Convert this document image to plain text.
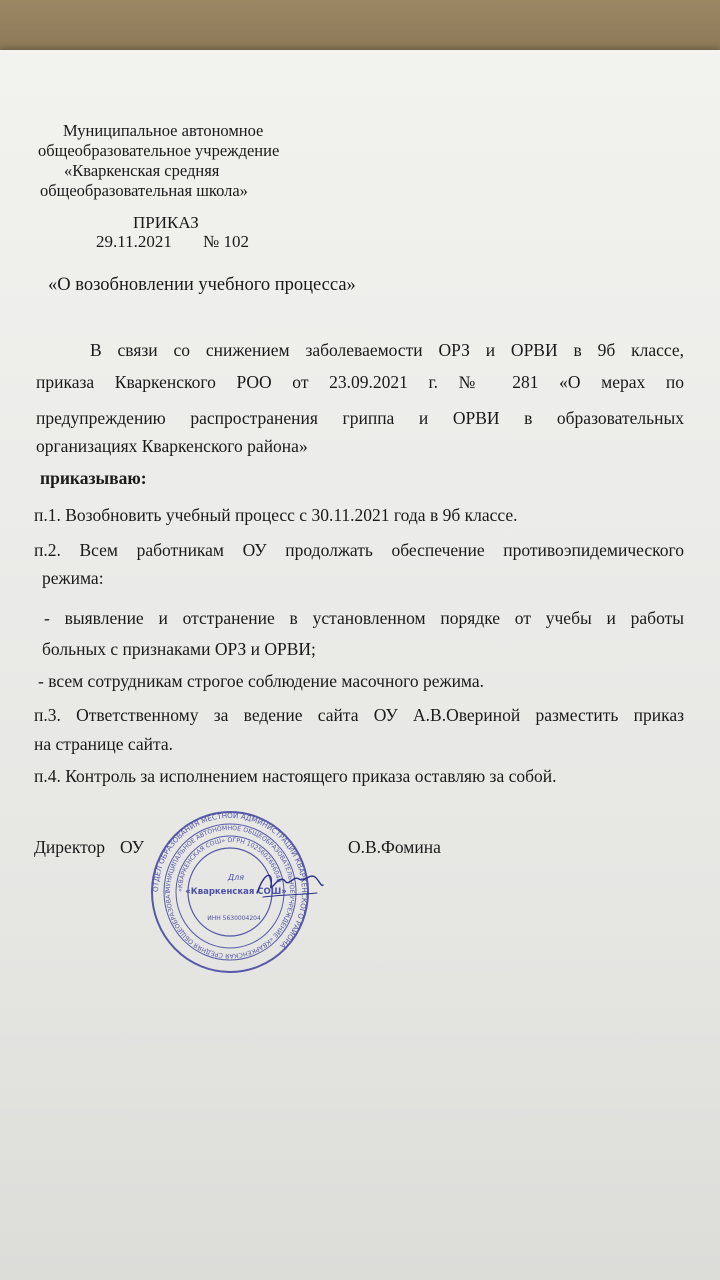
Муниципальное автономное
общеобразовательное учреждение
«Кваркенская средняя
общеобразовательная школа»
ПРИКАЗ
29.11.2021 № 102
«О возобновлении учебного процесса»
В связи со снижением заболеваемости ОРЗ и ОРВИ в 9б классе,
приказа Кваркенского РОО от 23.09.2021 г. № 281 «О мерах по
предупреждению распространения гриппа и ОРВИ в образовательных
организациях Кваркенского района»
приказываю:
п.1. Возобновить учебный процесс с 30.11.2021 года в 9б классе.
п.2. Всем работникам ОУ продолжать обеспечение противоэпидемического
режима:
- выявление и отстранение в установленном порядке от учебы и работы
больных с признаками ОРЗ и ОРВИ;
- всем сотрудникам строгое соблюдение масочного режима.
п.3. Ответственному за ведение сайта ОУ А.В.Овериной разместить приказ
на странице сайта.
п.4. Контроль за исполнением настоящего приказа оставляю за собой.
Директор ОУ	О.В.Фомина
ОТДЕЛ ОБРАЗОВАНИЯ МЕСТНОЙ АДМИНИСТРАЦИИ КВАРКЕНСКОГО РАЙОНА
МУНИЦИПАЛЬНОЕ АВТОНОМНОЕ ОБЩЕОБРАЗОВАТЕЛЬНОЕ УЧРЕЖДЕНИЕ «КВАРКЕНСКАЯ СРЕДНЯЯ ОБЩЕОБРАЗОВАТ
«КВАРКЕНСКАЯ СОШ» ОГРН 1025602666040
Для
«Кваркенская СОШ»
ИНН 5630004204
